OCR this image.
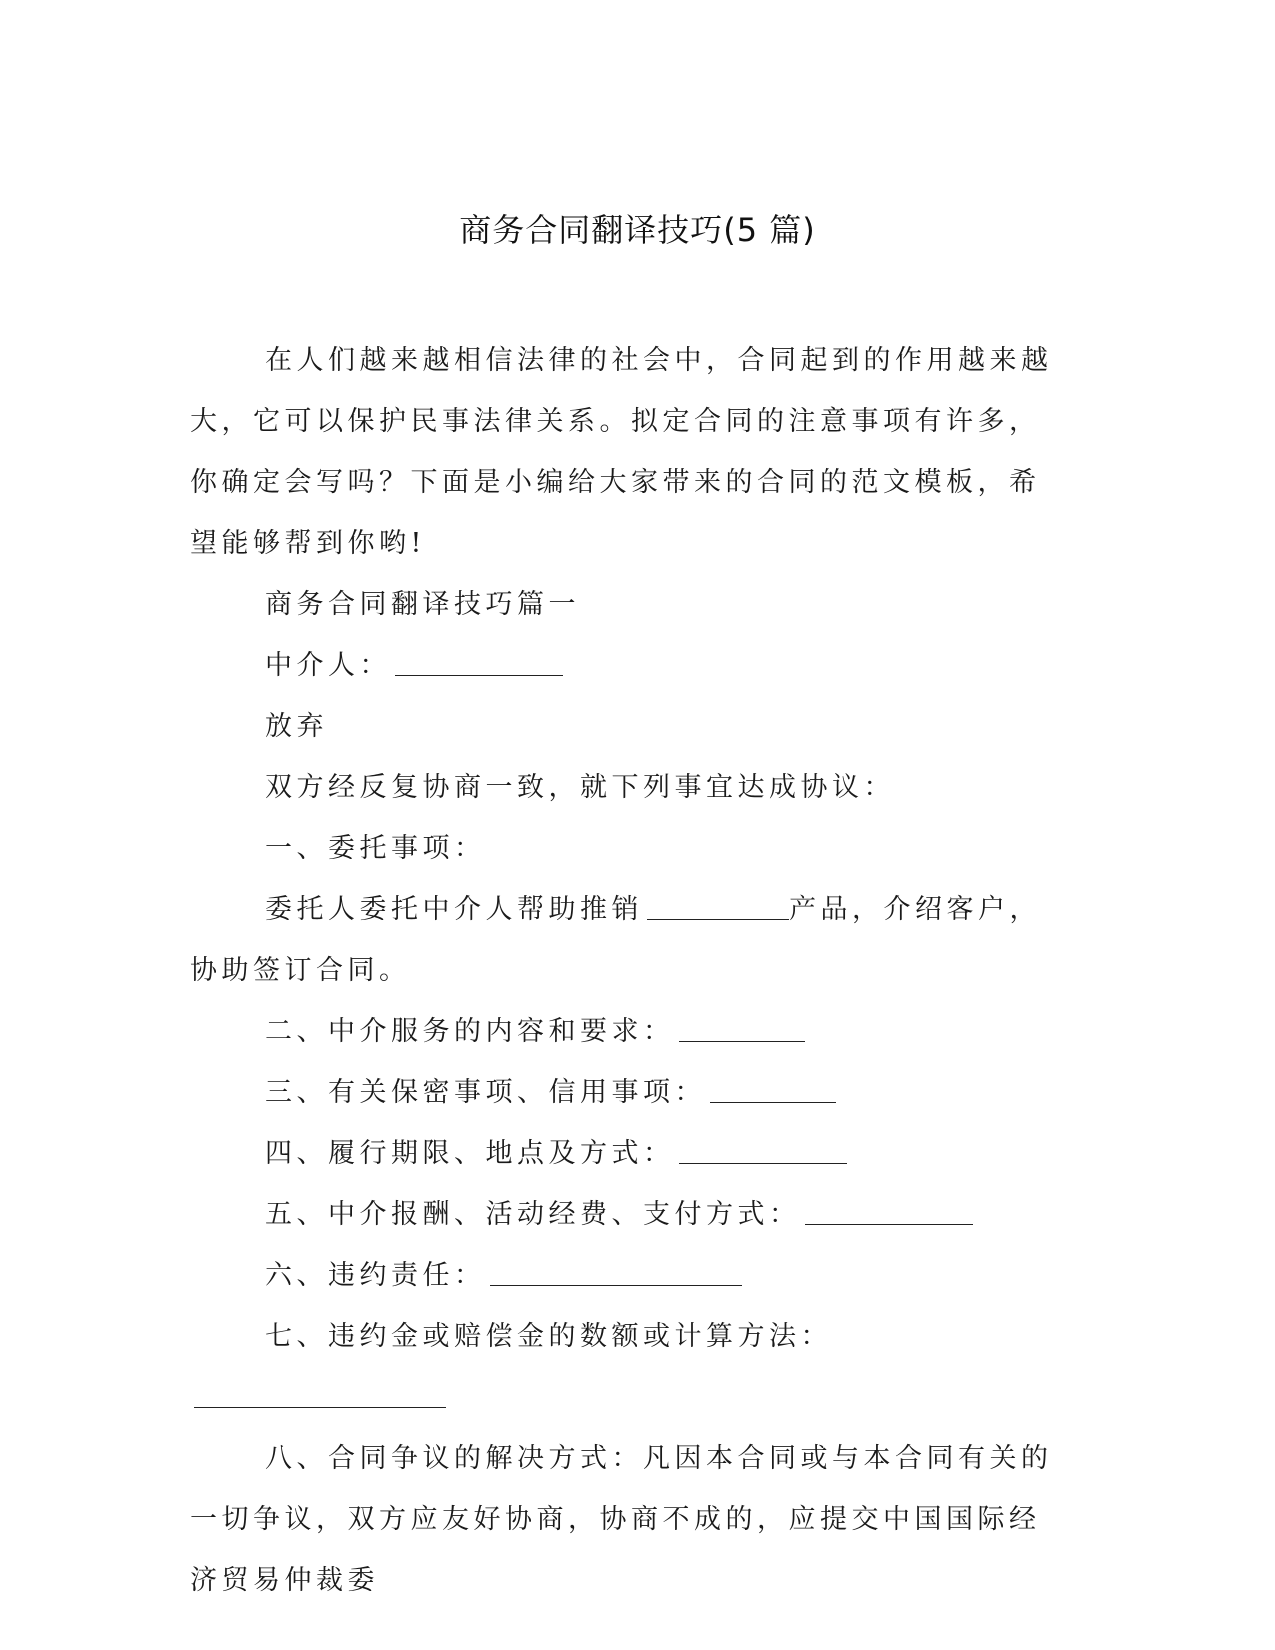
商务合同翻译技巧(5 篇)

在人们越来越相信法律的社会中，合同起到的作用越来越大，它可以保护民事法律关系。拟定合同的注意事项有许多，你确定会写吗？下面是小编给大家带来的合同的范文模板，希望能够帮到你哟!

商务合同翻译技巧篇一

中介人：

放弃

双方经反复协商一致，就下列事宜达成协议：

一、委托事项：

委托人委托中介人帮助推销	产品，介绍客户，协助签订合同。

二、中介服务的内容和要求：

三、有关保密事项、信用事项：

四、履行期限、地点及方式：

五、中介报酬、活动经费、支付方式：

六、违约责任：

七、违约金或赔偿金的数额或计算方法：

八、合同争议的解决方式：凡因本合同或与本合同有关的一切争议，双方应友好协商，协商不成的，应提交中国国际经济贸易仲裁委
